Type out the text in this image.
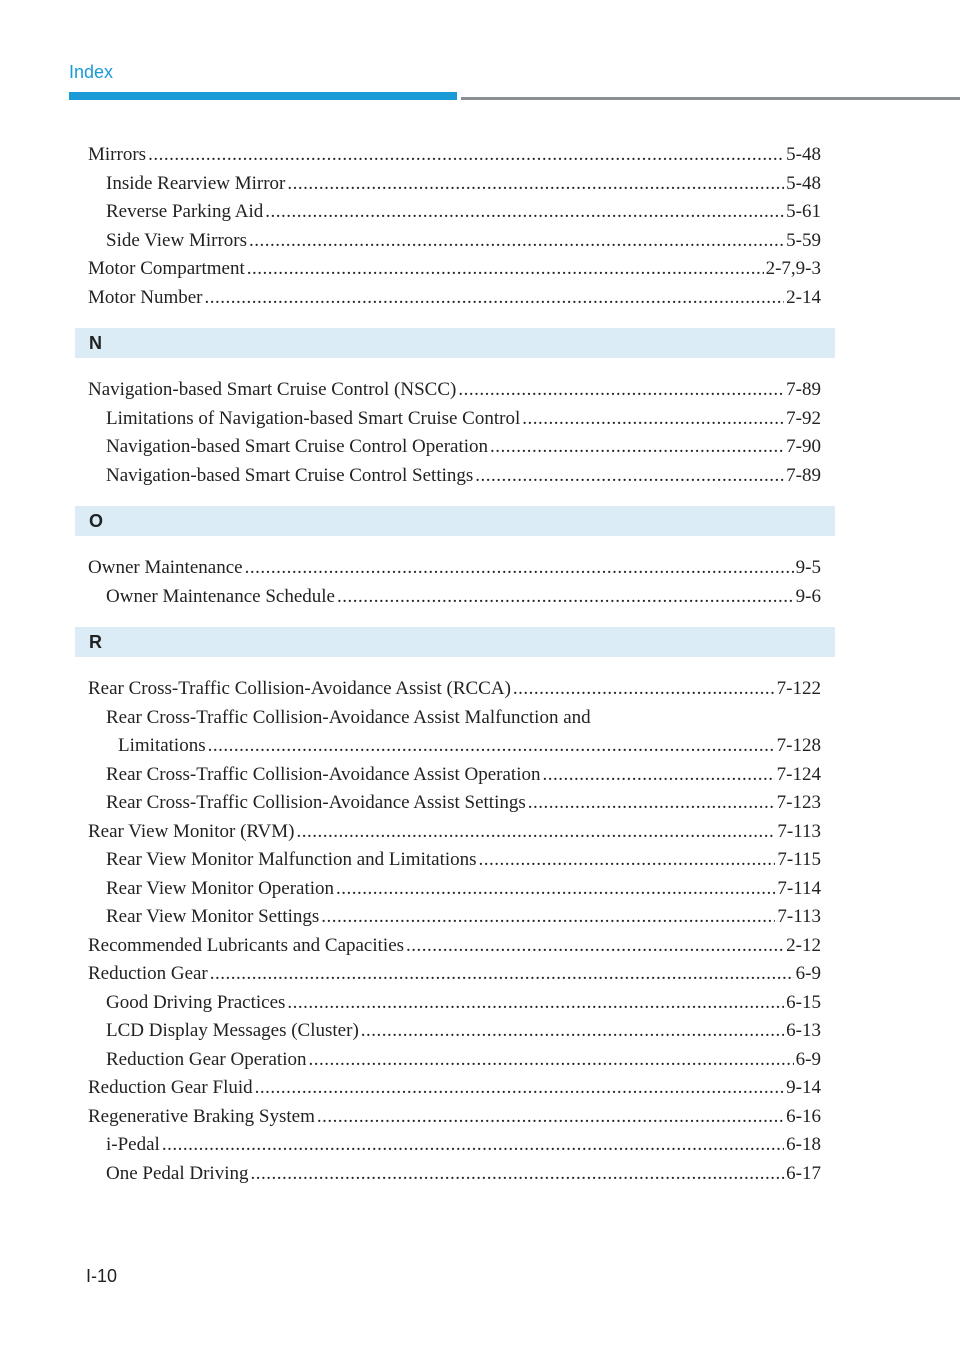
Index
Mirrors .....	5-48
Inside Rearview Mirror .....	5-48
Reverse Parking Aid .....	5-61
Side View Mirrors .....	5-59
Motor Compartment .....	2-7,9-3
Motor Number .....	2-14
N
Navigation-based Smart Cruise Control (NSCC) .....	7-89
Limitations of Navigation-based Smart Cruise Control .....	7-92
Navigation-based Smart Cruise Control Operation .....	7-90
Navigation-based Smart Cruise Control Settings .....	7-89
O
Owner Maintenance .....	9-5
Owner Maintenance Schedule .....	9-6
R
Rear Cross-Traffic Collision-Avoidance Assist (RCCA) .....	7-122
Rear Cross-Traffic Collision-Avoidance Assist Malfunction and
Limitations .....	7-128
Rear Cross-Traffic Collision-Avoidance Assist Operation .....	7-124
Rear Cross-Traffic Collision-Avoidance Assist Settings .....	7-123
Rear View Monitor (RVM) .....	7-113
Rear View Monitor Malfunction and Limitations .....	7-115
Rear View Monitor Operation .....	7-114
Rear View Monitor Settings .....	7-113
Recommended Lubricants and Capacities .....	2-12
Reduction Gear .....	6-9
Good Driving Practices .....	6-15
LCD Display Messages (Cluster) .....	6-13
Reduction Gear Operation .....	6-9
Reduction Gear Fluid .....	9-14
Regenerative Braking System .....	6-16
i-Pedal .....	6-18
One Pedal Driving .....	6-17
I-10
